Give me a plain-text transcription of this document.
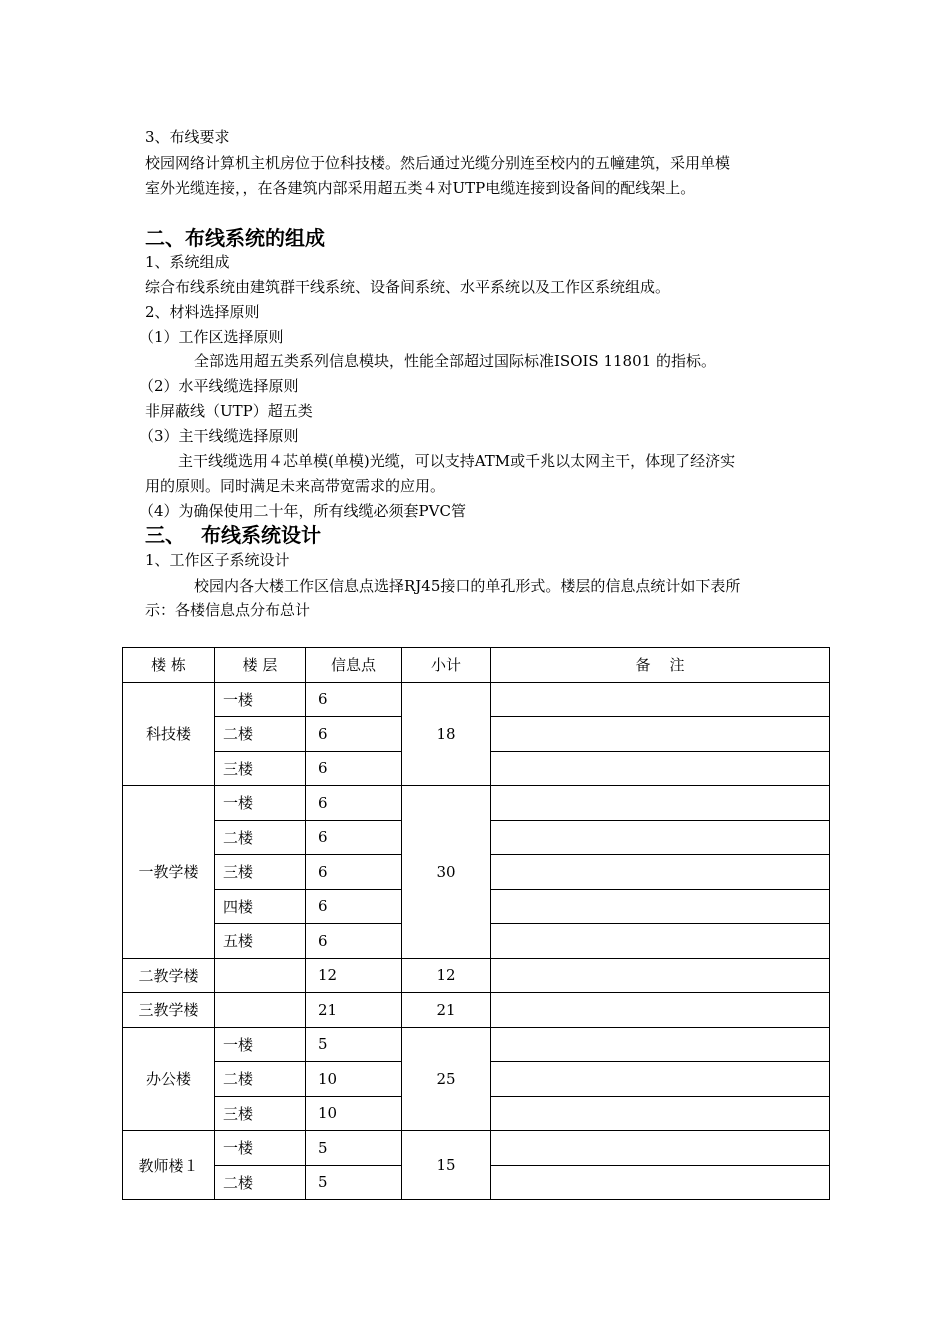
3、布线要求
校园网络计算机主机房位于位科技楼。然后通过光缆分别连至校内的五幢建筑，采用单模
室外光缆连接，，在各建筑内部采用超五类４对UTP电缆连接到设备间的配线架上。
二、布线系统的组成
1、系统组成
综合布线系统由建筑群干线系统、设备间系统、水平系统以及工作区系统组成。
2、材料选择原则
（1）工作区选择原则
全部选用超五类系列信息模块，性能全部超过国际标准ISOIS 11801 的指标。
（2）水平线缆选择原则
非屏蔽线（UTP）超五类
（3）主干线缆选择原则
主干线缆选用４芯单模(单模)光缆，可以支持ATM或千兆以太网主干，体现了经济实
用的原则。同时满足未来高带宽需求的应用。
（4）为确保使用二十年，所有线缆必须套PVC管
三、 布线系统设计
1、工作区子系统设计
校园内各大楼工作区信息点选择RJ45接口的单孔形式。楼层的信息点统计如下表所
示：各楼信息点分布总计
楼 栋	楼 层	信息点	小计	备    注
科技楼	一楼	6	18	
	二楼	6		
	三楼	6		
一教学楼	一楼	6	30	
	二楼	6		
	三楼	6		
	四楼	6		
	五楼	6		
二教学楼		12	12	
三教学楼		21	21	
办公楼	一楼	5	25	
	二楼	10		
	三楼	10		
教师楼１	一楼	5	15	
	二楼	5		
